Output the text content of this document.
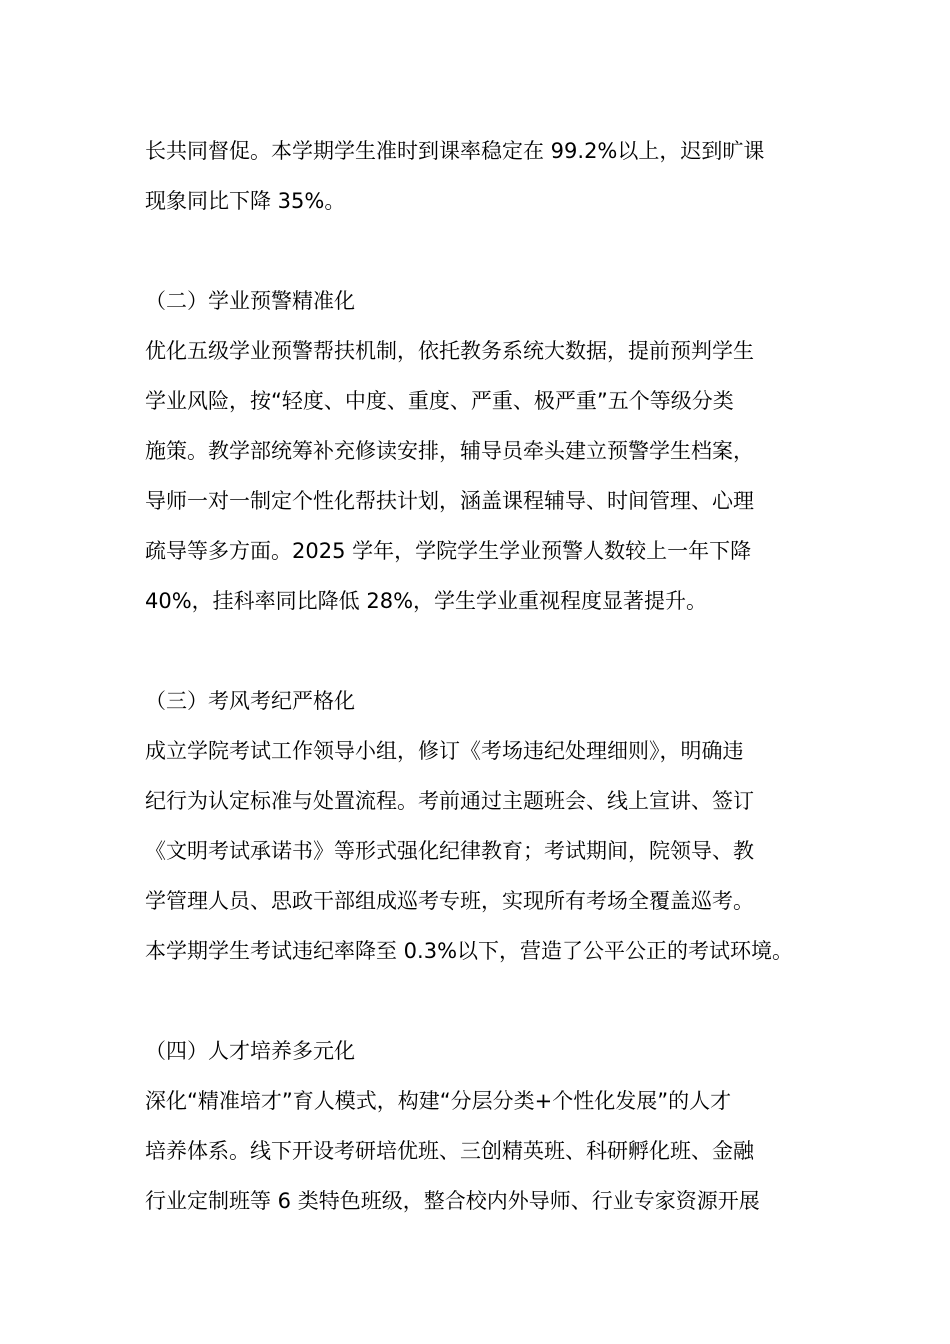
长共同督促。本学期学生准时到课率稳定在 99.2%以上，迟到旷课
现象同比下降 35%。
（二）学业预警精准化
优化五级学业预警帮扶机制，依托教务系统大数据，提前预判学生
学业风险，按“轻度、中度、重度、严重、极严重”五个等级分类
施策。教学部统筹补充修读安排，辅导员牵头建立预警学生档案，
导师一对一制定个性化帮扶计划，涵盖课程辅导、时间管理、心理
疏导等多方面。2025 学年，学院学生学业预警人数较上一年下降
40%，挂科率同比降低 28%，学生学业重视程度显著提升。
（三）考风考纪严格化
成立学院考试工作领导小组，修订《考场违纪处理细则》，明确违
纪行为认定标准与处置流程。考前通过主题班会、线上宣讲、签订
《文明考试承诺书》等形式强化纪律教育；考试期间，院领导、教
学管理人员、思政干部组成巡考专班，实现所有考场全覆盖巡考。
本学期学生考试违纪率降至 0.3%以下，营造了公平公正的考试环境。
（四）人才培养多元化
深化“精准培才”育人模式，构建“分层分类+个性化发展”的人才
培养体系。线下开设考研培优班、三创精英班、科研孵化班、金融
行业定制班等 6 类特色班级，整合校内外导师、行业专家资源开展
